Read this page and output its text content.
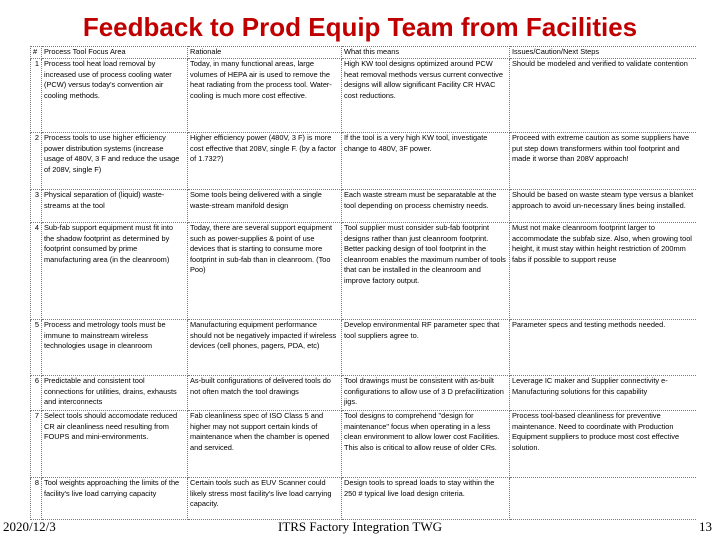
Feedback to Prod Equip Team from Facilities
#	Process Tool Focus Area	Rationale	What this means	Issues/Caution/Next Steps
1	Process tool heat load removal by increased use of process cooling water (PCW) versus today's convention air cooling methods.	Today, in many functional areas, large volumes of HEPA air is used to remove the heat radiating from the process tool. Water-cooling is much more cost effective.	High KW tool designs optimized around PCW heat removal methods versus current convective designs will allow significant Facility CR HVAC cost reductions.	Should be modeled and verified to validate contention
2	Process tools to use higher efficiency power distribution systems (increase usage of 480V, 3 F and reduce the usage of 208V, single F)	Higher efficiency power (480V, 3 F) is more cost effective that 208V, single F. (by a factor of 1.732?)	If the tool is a very high KW tool, investigate change to 480V, 3F power.	Proceed with extreme caution as some suppliers have put step down transformers within tool footprint and made it worse than 208V approach!
3	Physical separation of (liquid) waste-streams at the tool	Some tools being delivered with a single waste-stream manifold design	Each waste stream must be separatable at the tool depending on process chemistry needs.	Should be based on waste steam type versus a blanket approach to avoid un-necessary lines being installed.
4	Sub-fab support equipment must fit into the shadow footprint as determined by footprint consumed by prime manufacturing area (in the cleanroom)	Today, there are several support equipment such as power-supplies & point of use devices that is starting to consume more footprint in sub-fab than in cleanroom. (Too Poo)	Tool supplier must consider sub-fab footprint designs rather than just cleanroom footprint. Better packing design of tool footprint in the cleanroom enables the maximum number of tools that can be installed in the cleanroom and improve factory output.	Must not make cleanroom footprint larger to accommodate the subfab size. Also, when growing tool height, it must stay within height restriction of 200mm fabs if possible to support reuse
5	Process and metrology tools must be immune to mainstream wireless technologies usage in cleanroom	Manufacturing equipment performance should not be negatively impacted if wireless devices (cell phones, pagers, PDA, etc)	Develop environmental RF parameter spec that tool suppliers agree to.	Parameter specs and testing methods needed.
6	Predictable and consistent tool connections for utilities, drains, exhausts and interconnects	As-built configurations of delivered tools do not often match the tool drawings	Tool drawings must be consistent with as-built configurations to allow use of 3 D prefacilitization jigs.	Leverage IC maker and Supplier connectivity e-Manufacturing solutions for this capability
7	Select tools should accomodate reduced CR air cleanliness need resulting from FOUPS and mini-environments.	Fab cleanliness spec of ISO Class 5 and higher may not support certain kinds of maintenance when the chamber is opened and serviced.	Tool designs to comprehend "design for maintenance" focus when operating in a less clean environment to allow lower cost Facilities. This also is critical to allow reuse of older CRs.	Process tool-based cleanliness for preventive maintenance. Need to coordinate with Production Equipment suppliers to produce most cost effective solution.
8	Tool weights approaching the limits of the facility's live load carrying capacity	Certain tools such as EUV Scanner could likely stress most facility's live load carrying capacity.	Design tools to spread loads to stay within the 250 # typical live load design criteria.	
2020/12/3	ITRS Factory Integration TWG	13
